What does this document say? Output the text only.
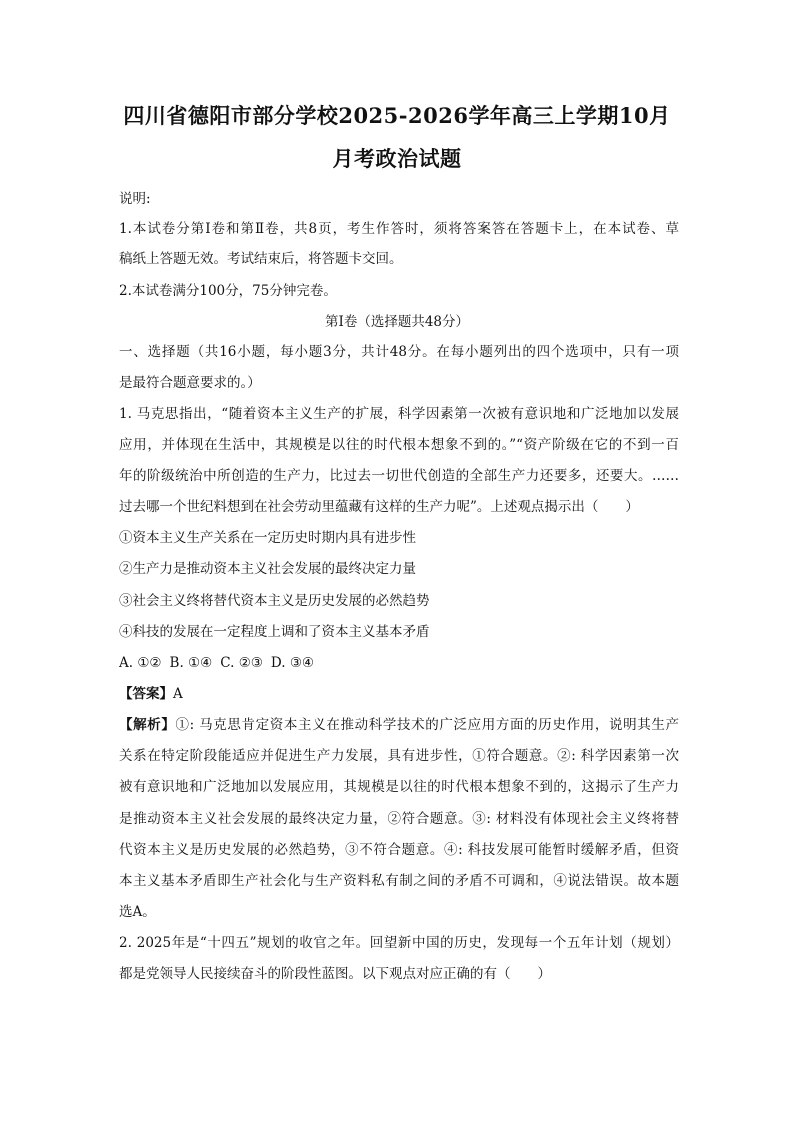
四川省德阳市部分学校2025-2026学年高三上学期10月
月考政治试题

说明:

1.本试卷分第Ⅰ卷和第Ⅱ卷，共8页，考生作答时，须将答案答在答题卡上，在本试卷、草

稿纸上答题无效。考试结束后，将答题卡交回。

2.本试卷满分100分，75分钟完卷。

第Ⅰ卷（选择题共48分）

一、选择题（共16小题，每小题3分，共计48分。在每小题列出的四个选项中，只有一项

是最符合题意要求的。）

1. 马克思指出，“随着资本主义生产的扩展，科学因素第一次被有意识地和广泛地加以发展

应用，并体现在生活中，其规模是以往的时代根本想象不到的。”“资产阶级在它的不到一百

年的阶级统治中所创造的生产力，比过去一切世代创造的全部生产力还要多，还要大。……

过去哪一个世纪料想到在社会劳动里蕴藏有这样的生产力呢”。上述观点揭示出（　　）

①资本主义生产关系在一定历史时期内具有进步性

②生产力是推动资本主义社会发展的最终决定力量

③社会主义终将替代资本主义是历史发展的必然趋势

④科技的发展在一定程度上调和了资本主义基本矛盾

A. ①② B. ①④ C. ②③ D. ③④

【答案】A

【解析】①: 马克思肯定资本主义在推动科学技术的广泛应用方面的历史作用，说明其生产

关系在特定阶段能适应并促进生产力发展，具有进步性，①符合题意。②: 科学因素第一次

被有意识地和广泛地加以发展应用，其规模是以往的时代根本想象不到的，这揭示了生产力

是推动资本主义社会发展的最终决定力量，②符合题意。③: 材料没有体现社会主义终将替

代资本主义是历史发展的必然趋势，③不符合题意。④: 科技发展可能暂时缓解矛盾，但资

本主义基本矛盾即生产社会化与生产资料私有制之间的矛盾不可调和，④说法错误。故本题

选A。

2. 2025年是“十四五”规划的收官之年。回望新中国的历史，发现每一个五年计划（规划）

都是党领导人民接续奋斗的阶段性蓝图。以下观点对应正确的有（　　）
